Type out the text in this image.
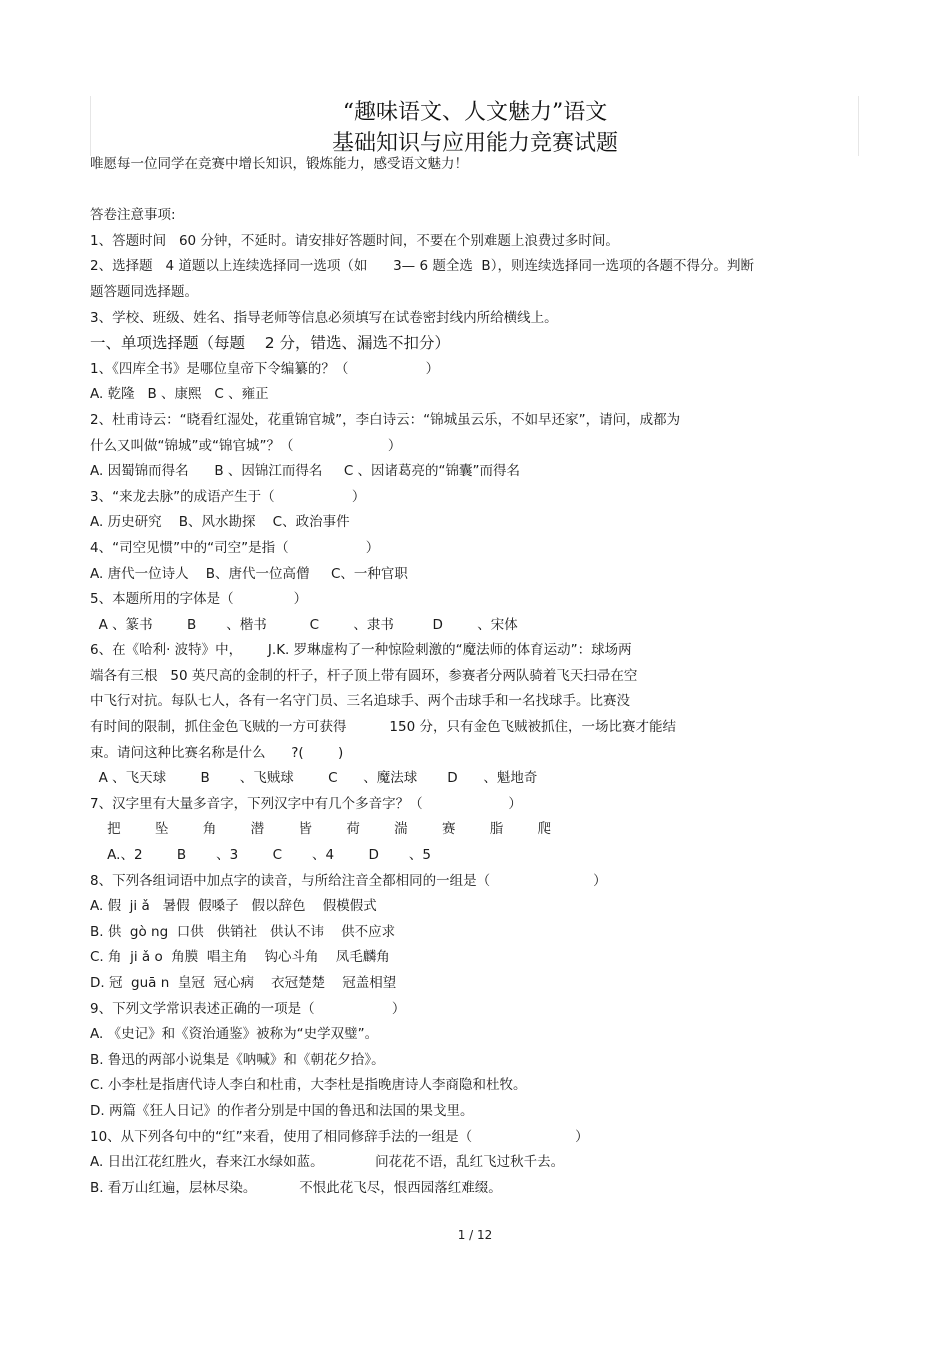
“趣味语文、人文魅力”语文
基础知识与应用能力竞赛试题
唯愿每一位同学在竞赛中增长知识，锻炼能力，感受语文魅力！
答卷注意事项:
1、答题时间   60 分钟，不延时。请安排好答题时间，不要在个别难题上浪费过多时间。
2、选择题   4 道题以上连续选择同一选项（如      3— 6 题全选  B），则连续选择同一选项的各题不得分。判断
题答题同选择题。
3、学校、班级、姓名、指导老师等信息必须填写在试卷密封线内所给横线上。
一、单项选择题（每题    2 分，错选、漏选不扣分）
1、《四库全书》是哪位皇帝下令编纂的？（                  ）
A. 乾隆   B 、康熙   C 、雍正
2、杜甫诗云：“晓看红湿处，花重锦官城”，李白诗云：“锦城虽云乐，不如早还家”，请问，成都为
什么又叫做“锦城”或“锦官城”？（                      ）
A. 因蜀锦而得名      B 、因锦江而得名     C 、因诸葛亮的“锦囊”而得名
3、“来龙去脉”的成语产生于（                  ）
A. 历史研究    B、风水勘探    C、政治事件
4、“司空见惯”中的“司空”是指（                  ）
A. 唐代一位诗人    B、唐代一位高僧     C、一种官职
5、本题所用的字体是（              ）
A 、篆书        B       、楷书          C        、隶书         D        、宋体
6、在《哈利· 波特》中，      J.K. 罗琳虚构了一种惊险刺激的“魔法师的体育运动”：球场两
端各有三根   50 英尺高的金制的杆子，杆子顶上带有圆环，参赛者分两队骑着飞天扫帚在空
中飞行对抗。每队七人，各有一名守门员、三名追球手、两个击球手和一名找球手。比赛没
有时间的限制，抓住金色飞贼的一方可获得          150 分，只有金色飞贼被抓住，一场比赛才能结
束。请问这种比赛名称是什么      ?(        )
A 、飞天球        B       、飞贼球        C      、魔法球       D      、魁地奇
7、汉字里有大量多音字，下列汉字中有几个多音字？（                    ）
把        坠        角        潜        皆        荷        湍        赛        脂        爬
A.、2        B       、3        C       、4        D       、5
8、下列各组词语中加点字的读音，与所给注音全都相同的一组是（                        ）
A. 假  ji ǎ   暑假  假嗓子   假以辞色    假模假式
B. 供  gò ng  口供   供销社   供认不讳    供不应求
C. 角  ji ǎ o  角膜  唱主角    钩心斗角    凤毛麟角
D. 冠  guā n  皇冠  冠心病    衣冠楚楚    冠盖相望
9、下列文学常识表述正确的一项是（                  ）
A. 《史记》和《资治通鉴》被称为“史学双璧”。
B. 鲁迅的两部小说集是《呐喊》和《朝花夕拾》。
C. 小李杜是指唐代诗人李白和杜甫，大李杜是指晚唐诗人李商隐和杜牧。
D. 两篇《狂人日记》的作者分别是中国的鲁迅和法国的果戈里。
10、从下列各句中的“红”来看，使用了相同修辞手法的一组是（                        ）
A. 日出江花红胜火，春来江水绿如蓝。            问花花不语，乱红飞过秋千去。
B. 看万山红遍，层林尽染。          不恨此花飞尽，恨西园落红难缀。
1 / 12
